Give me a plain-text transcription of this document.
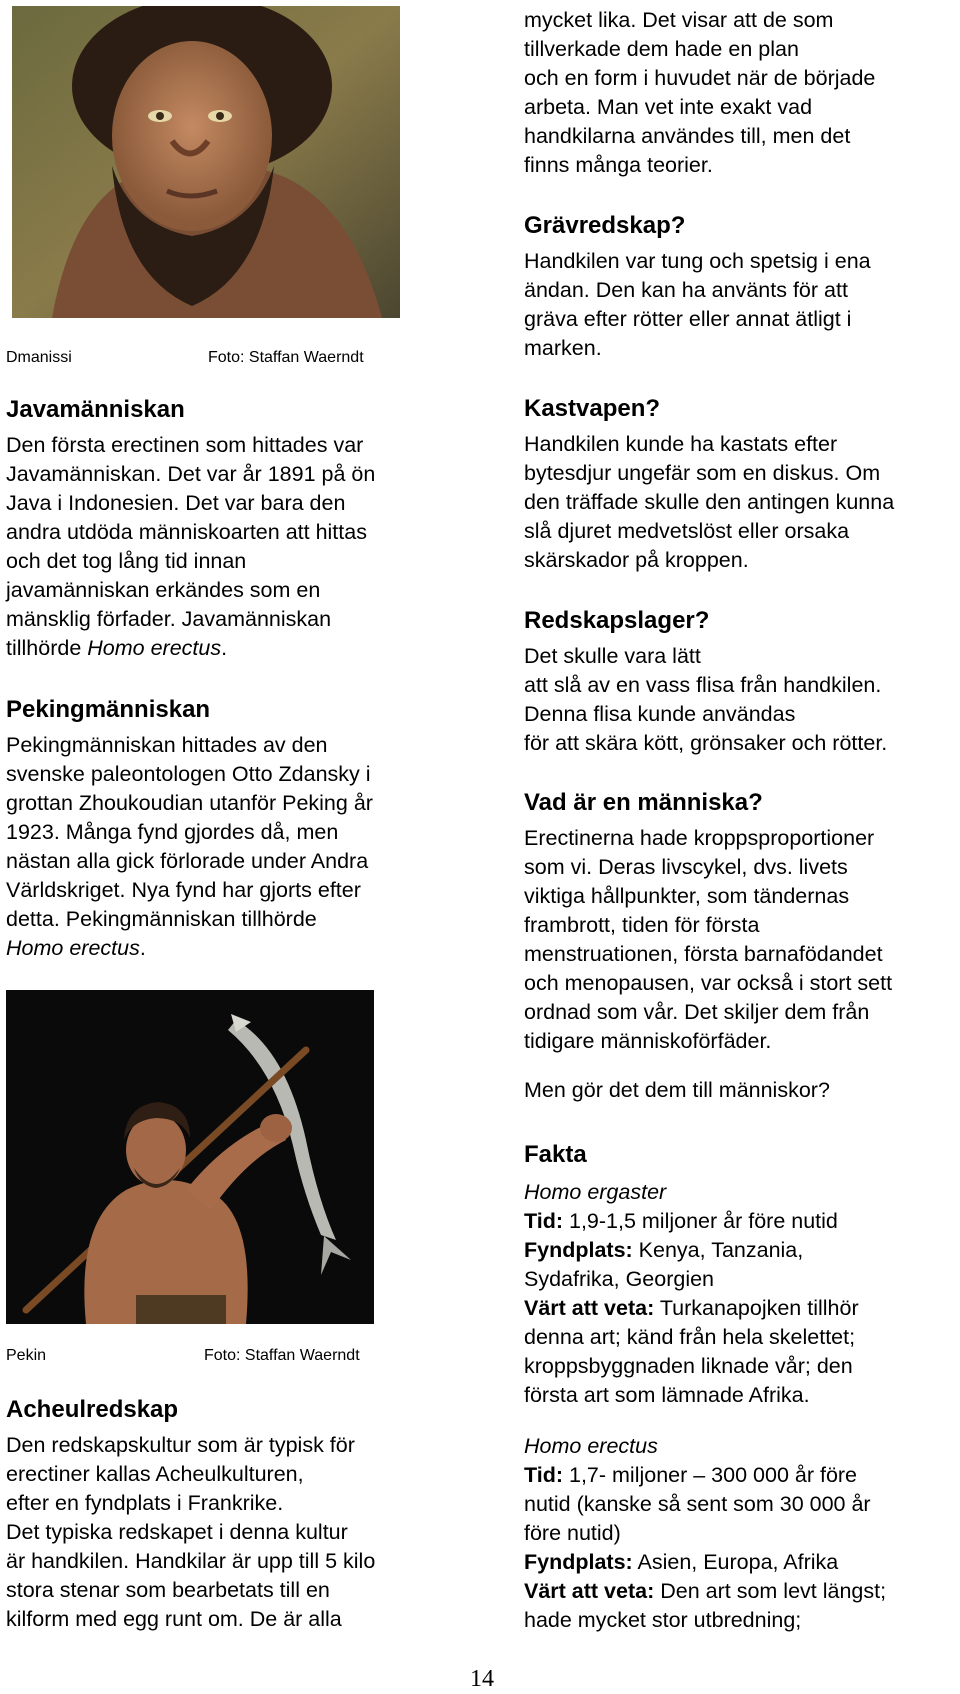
Dmanissi	Foto: Staffan Waerndt
Javamänniskan

Den första erectinen som hittades var
Javamänniskan. Det var år 1891 på ön
Java i Indonesien. Det var bara den
andra utdöda människoarten att hittas
och det tog lång tid innan
javamänniskan erkändes som en
mänsklig förfader. Javamänniskan
tillhörde Homo erectus.

Pekingmänniskan

Pekingmänniskan hittades av den
svenske paleontologen Otto Zdansky i
grottan Zhoukoudian utanför Peking år
1923. Många fynd gjordes då, men
nästan alla gick förlorade under Andra
Världskriget. Nya fynd har gjorts efter
detta. Pekingmänniskan tillhörde
Homo erectus.

Pekin	Foto: Staffan Waerndt
Acheulredskap

Den redskapskultur som är typisk för
erectiner kallas Acheulkulturen,
efter en fyndplats i Frankrike.
Det typiska redskapet i denna kultur
är handkilen. Handkilar är upp till 5 kilo
stora stenar som bearbetats till en
kilform med egg runt om. De är alla

mycket lika. Det visar att de som
tillverkade dem hade en plan
och en form i huvudet när de började
arbeta. Man vet inte exakt vad
handkilarna användes till, men det
finns många teorier.

Grävredskap?

Handkilen var tung och spetsig i ena
ändan. Den kan ha använts för att
gräva efter rötter eller annat ätligt i
marken.

Kastvapen?

Handkilen kunde ha kastats efter
bytesdjur ungefär som en diskus. Om
den träffade skulle den antingen kunna
slå djuret medvetslöst eller orsaka
skärskador på kroppen.

Redskapslager?

Det skulle vara lätt
att slå av en vass flisa från handkilen.
Denna flisa kunde användas
för att skära kött, grönsaker och rötter.

Vad är en människa?

Erectinerna hade kroppsproportioner
som vi. Deras livscykel, dvs. livets
viktiga hållpunkter, som tändernas
frambrott, tiden för första
menstruationen, första barnafödandet
och menopausen, var också i stort sett
ordnad som vår. Det skiljer dem från
tidigare människoförfäder.

Men gör det dem till människor?

Fakta

Homo ergaster
Tid: 1,9-1,5 miljoner år före nutid
Fyndplats: Kenya, Tanzania,
Sydafrika, Georgien
Värt att veta: Turkanapojken tillhör
denna art; känd från hela skelettet;
kroppsbyggnaden liknade vår; den
första art som lämnade Afrika.

Homo erectus
Tid: 1,7- miljoner – 300 000 år före
nutid (kanske så sent som 30 000 år
före nutid)
Fyndplats: Asien, Europa, Afrika
Värt att veta: Den art som levt längst;
hade mycket stor utbredning;

14
